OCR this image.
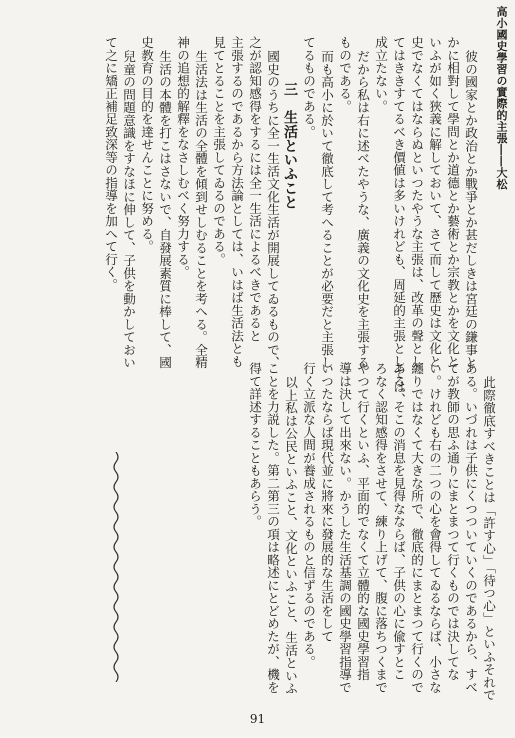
高小國史學習の實際的主張――大松

彼の國家とか政治とか戰爭とか甚だしきは宮廷の鎌事と

かに相對して學問とか道德とか藝術とか宗教とかを文化と

いふが如く狹義に解しておいて、さて而して歷史は文化と

史でなくてはならぬといつたやうな主張は、改革の聲とし

てはききすてるべき價値は多いけれども、周延的主張としては、

成立たない。

だから私は右に述べたやうな、廣義の文化史を主張する

ものである。

而も高小に於いて徹底して考へることが必要だと主張し

てるものである。

三　生活といふこと

國史のうちに全一生活文化生活が開展してゐるもので、

之が認知感得をするには全一生活によるべきであると

主張するのであるから方法論としては、いはば生活法とも

見てとることを主張してゐるのである。

生活法は生活の全體を傾到せしむることを考へる。全精

神の追想的解釋をなさしむべく努力する。

生活の本體を打こはさないで、自發展素質に棒して、國

史教育の目的を達せんことに努める。

兒童の問題意識をすなほに伸して、子供を動かしておい

て之に矯正補足致深等の指導を加へて行く。

此際徹底すべきことは「許す心」「待つ心」といふそれで

ある。いづれは子供にくつついていくのであるから、すべ

てが教師の思ふ通りにまとまつて行くものでは決してな

い。けれども右の二つの心を會得してゐるならば、小さな

纏りではなくて大きな所で、徹底的にまとまつて行くので

ある。そこの消息を見得なならば、子供の心に偸すとこ

ろなく認知感得をさせて、練り上げて、腹に落ちつくまで

やつて行くといふ、平面的でなくて立體的な國史學習指

導は決して出來ない。かうした生活基調の國史學習指導で

いつたならば現代並に將來に發展的な生活をして

行く立派な人間が養成されるものと信ずるのである。

以上私は公民といふこと、文化といふこと、生活といふ

ことを力説した。第二第三の項は略述にとどめたが、機を

得て詳述することもあらう。

91
